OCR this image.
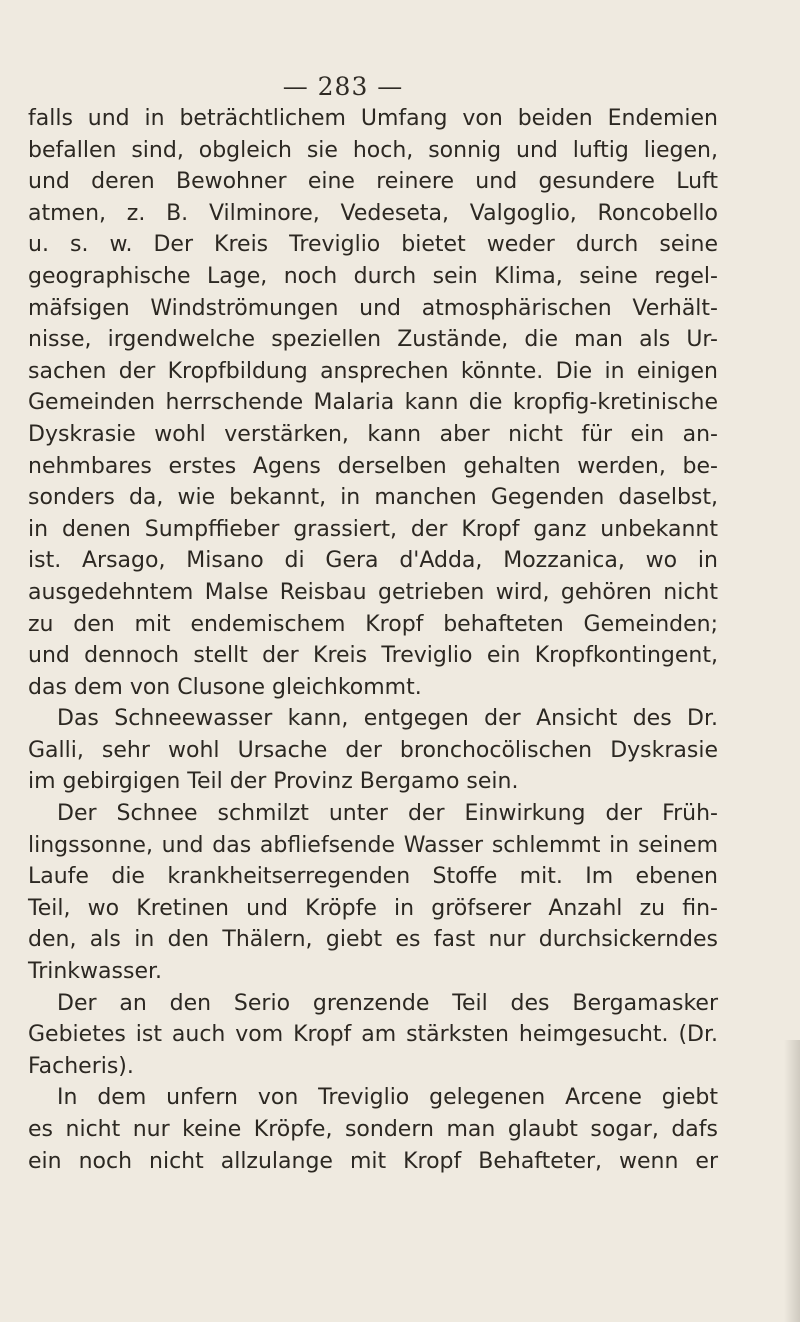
— 283 —
falls und in beträchtlichem Umfang von beiden Endemien
befallen sind, obgleich sie hoch, sonnig und luftig liegen,
und deren Bewohner eine reinere und gesundere Luft
atmen, z. B. Vilminore, Vedeseta, Valgoglio, Roncobello
u. s. w. Der Kreis Treviglio bietet weder durch seine
geographische Lage, noch durch sein Klima, seine regel-
mäfsigen Windströmungen und atmosphärischen Verhält-
nisse, irgendwelche speziellen Zustände, die man als Ur-
sachen der Kropfbildung ansprechen könnte. Die in einigen
Gemeinden herrschende Malaria kann die kropfig-kretinische
Dyskrasie wohl verstärken, kann aber nicht für ein an-
nehmbares erstes Agens derselben gehalten werden, be-
sonders da, wie bekannt, in manchen Gegenden daselbst,
in denen Sumpffieber grassiert, der Kropf ganz unbekannt
ist. Arsago, Misano di Gera d'Adda, Mozzanica, wo in
ausgedehntem Malse Reisbau getrieben wird, gehören nicht
zu den mit endemischem Kropf behafteten Gemeinden;
und dennoch stellt der Kreis Treviglio ein Kropfkontingent,
das dem von Clusone gleichkommt.
Das Schneewasser kann, entgegen der Ansicht des Dr.
Galli, sehr wohl Ursache der bronchocölischen Dyskrasie
im gebirgigen Teil der Provinz Bergamo sein.
Der Schnee schmilzt unter der Einwirkung der Früh-
lingssonne, und das abfliefsende Wasser schlemmt in seinem
Laufe die krankheitserregenden Stoffe mit. Im ebenen
Teil, wo Kretinen und Kröpfe in gröfserer Anzahl zu fin-
den, als in den Thälern, giebt es fast nur durchsickerndes
Trinkwasser.
Der an den Serio grenzende Teil des Bergamasker
Gebietes ist auch vom Kropf am stärksten heimgesucht. (Dr.
Facheris).
In dem unfern von Treviglio gelegenen Arcene giebt
es nicht nur keine Kröpfe, sondern man glaubt sogar, dafs
ein noch nicht allzulange mit Kropf Behafteter, wenn er
